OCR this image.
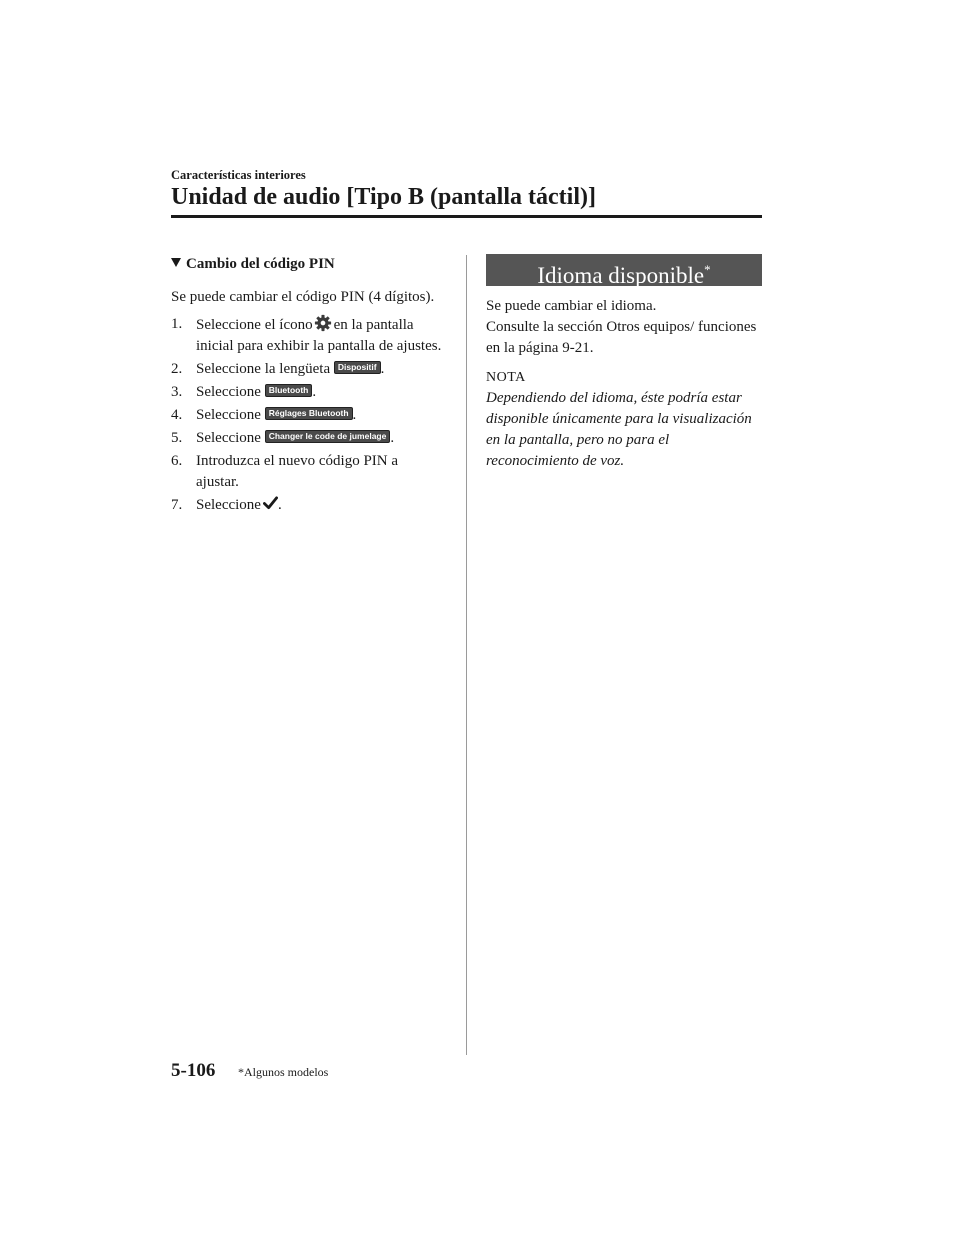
Características interiores
Unidad de audio [Tipo B (pantalla táctil)]
Cambio del código PIN

Se puede cambiar el código PIN (4 dígitos).

1. Seleccione el ícono en la pantalla inicial para exhibir la pantalla de ajustes.
2. Seleccione la lengüeta Dispositif .
3. Seleccione Bluetooth .
4. Seleccione Réglages Bluetooth .
5. Seleccione Changer le code de jumelage .
6. Introduzca el nuevo código PIN a ajustar.
7. Seleccione .
Idioma disponible*
Se puede cambiar el idioma.
Consulte la sección Otros equipos/ funciones en la página 9-21.
NOTA
Dependiendo del idioma, éste podría estar disponible únicamente para la visualización en la pantalla, pero no para el reconocimiento de voz.
5-106 *Algunos modelos
